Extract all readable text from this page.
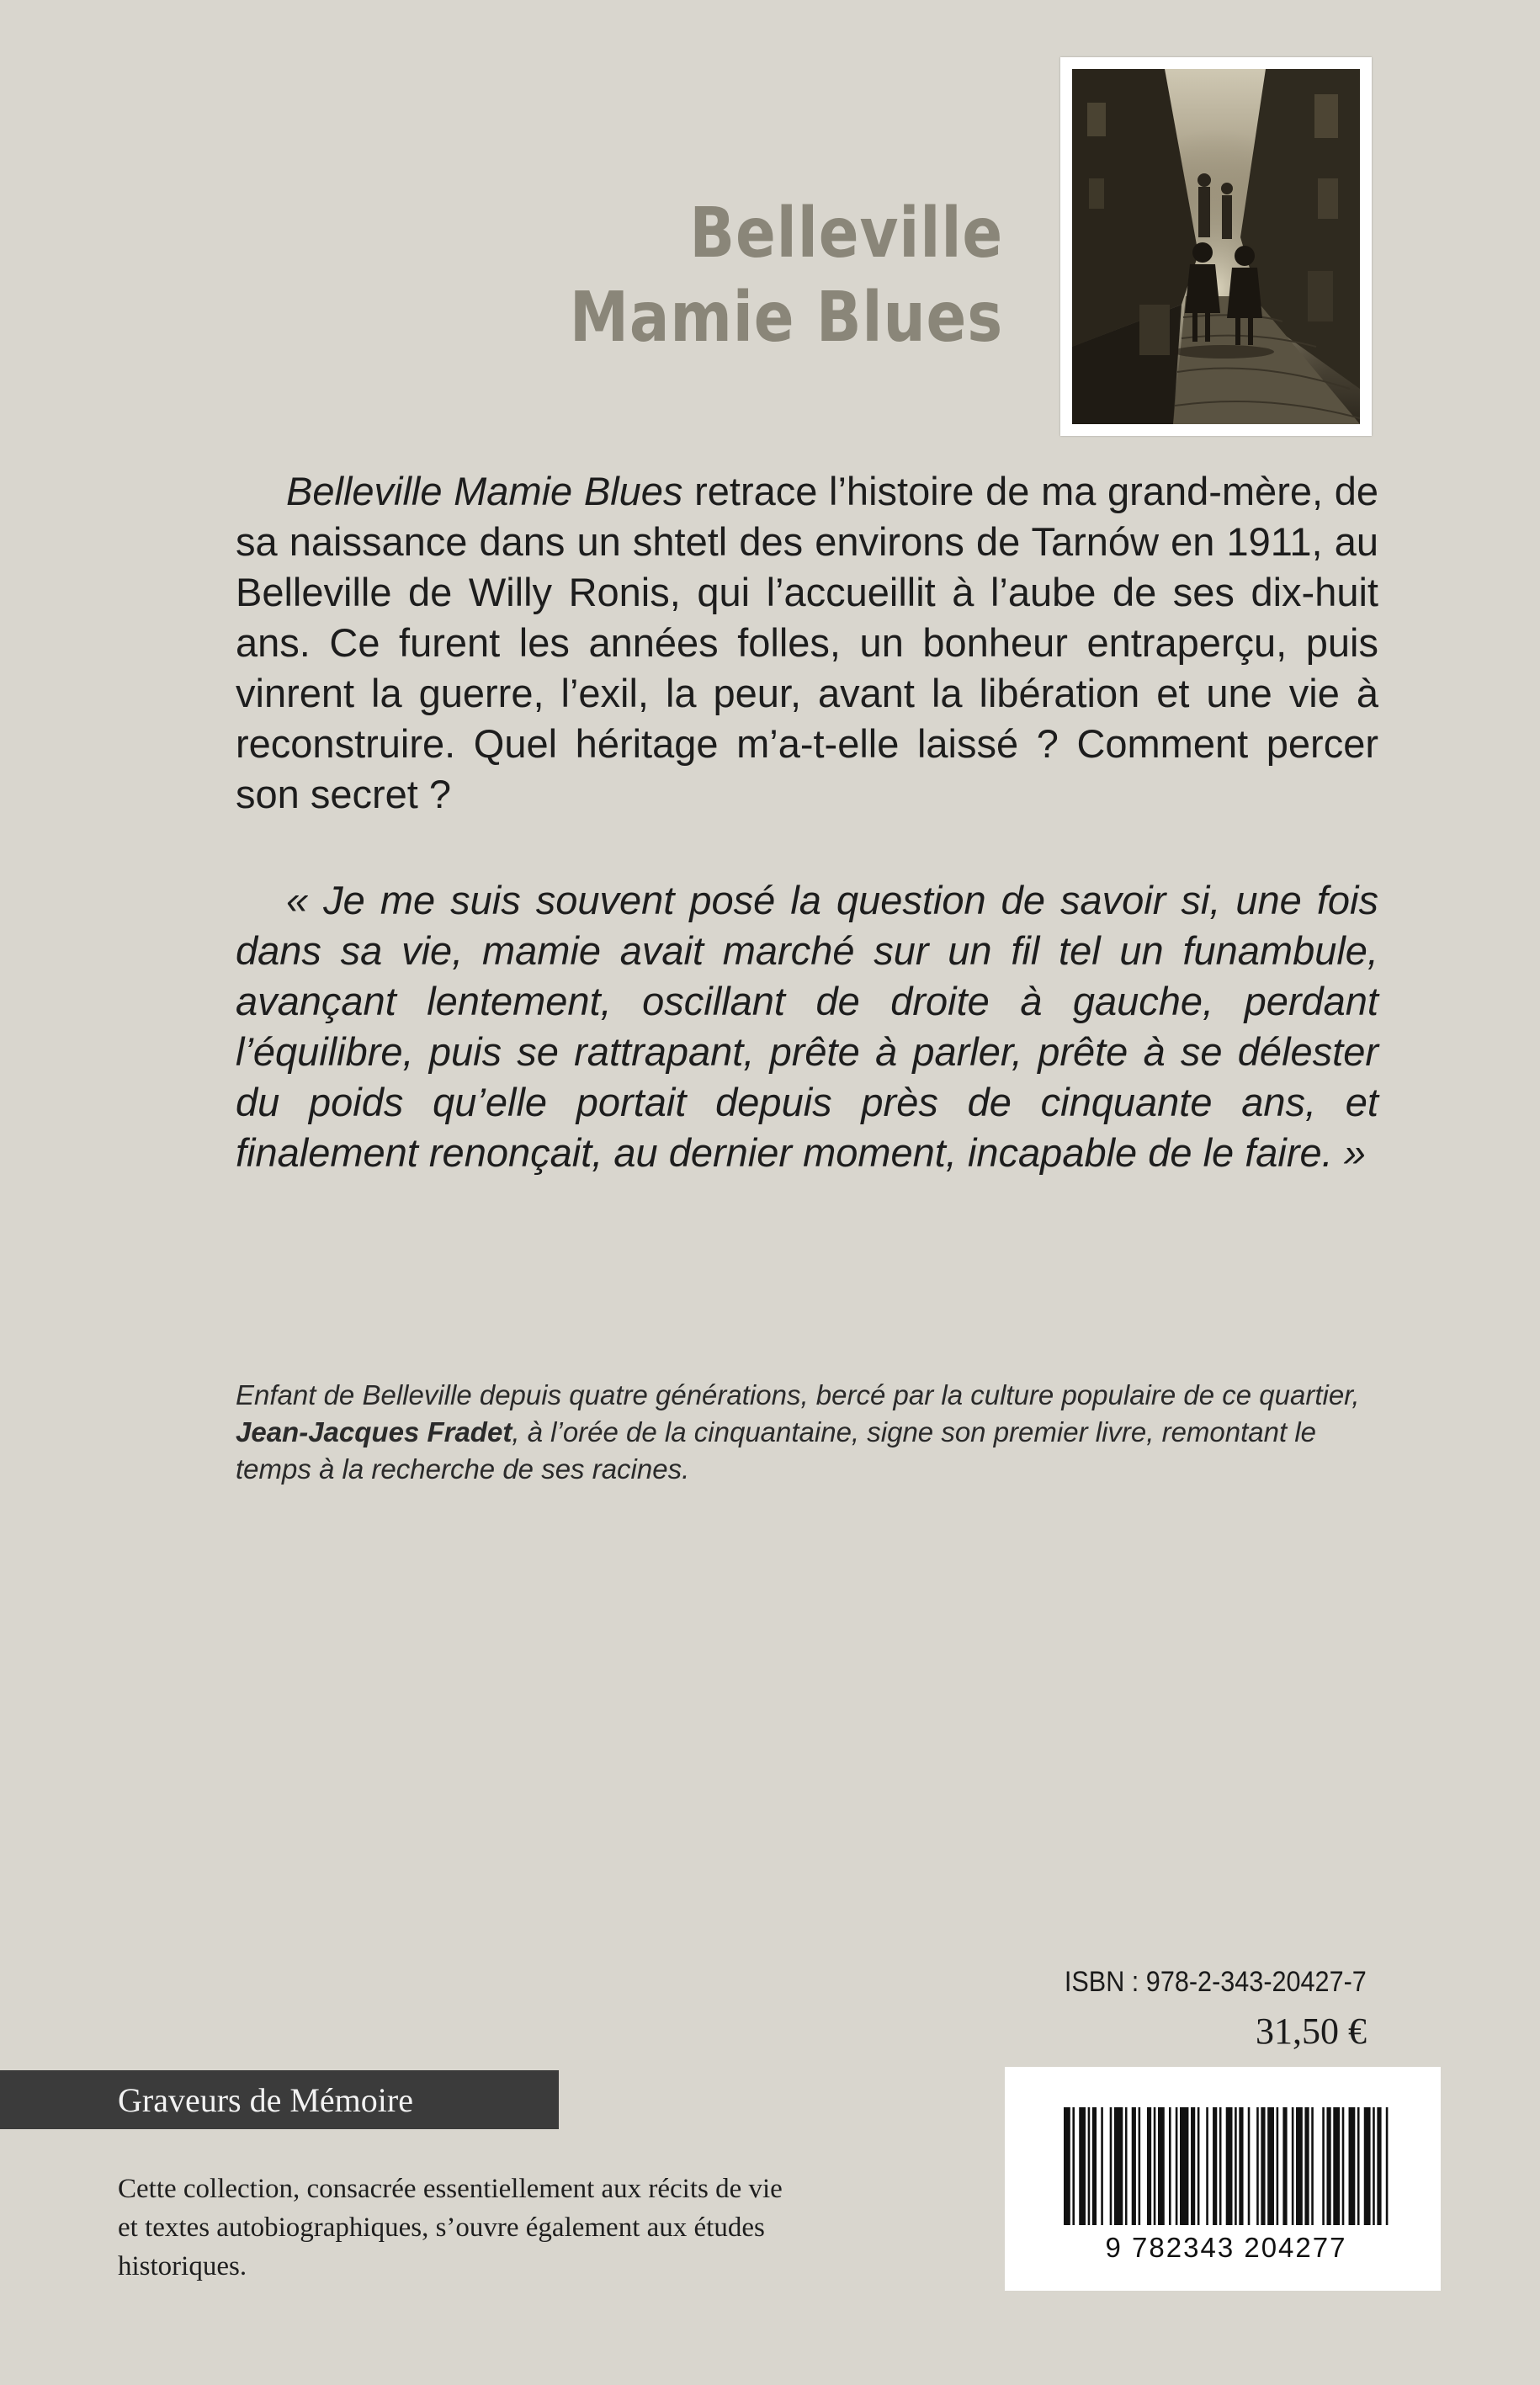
Belleville
Mamie Blues

Belleville Mamie Blues retrace l’histoire de ma grand-mère, de sa naissance dans un shtetl des environs de Tarnów en 1911, au Belleville de Willy Ronis, qui l’accueillit à l’aube de ses dix-huit ans. Ce furent les années folles, un bonheur entraperçu, puis vinrent la guerre, l’exil, la peur, avant la libération et une vie à reconstruire. Quel héritage m’a-t-elle laissé ? Comment percer son secret ?

« Je me suis souvent posé la question de savoir si, une fois dans sa vie, mamie avait marché sur un fil tel un funambule, avançant lentement, oscillant de droite à gauche, perdant l’équilibre, puis se rattrapant, prête à parler, prête à se délester du poids qu’elle portait depuis près de cinquante ans, et finalement renonçait, au dernier moment, incapable de le faire. »

Enfant de Belleville depuis quatre générations, bercé par la culture populaire de ce quartier, Jean-Jacques Fradet, à l’orée de la cinquantaine, signe son premier livre, remontant le temps à la recherche de ses racines.

ISBN : 978-2-343-20427-7
31,50 €
Graveurs de Mémoire

Cette collection, consacrée essentiellement aux récits de vie et textes autobiographiques, s’ouvre également aux études historiques.

9 782343 204277
